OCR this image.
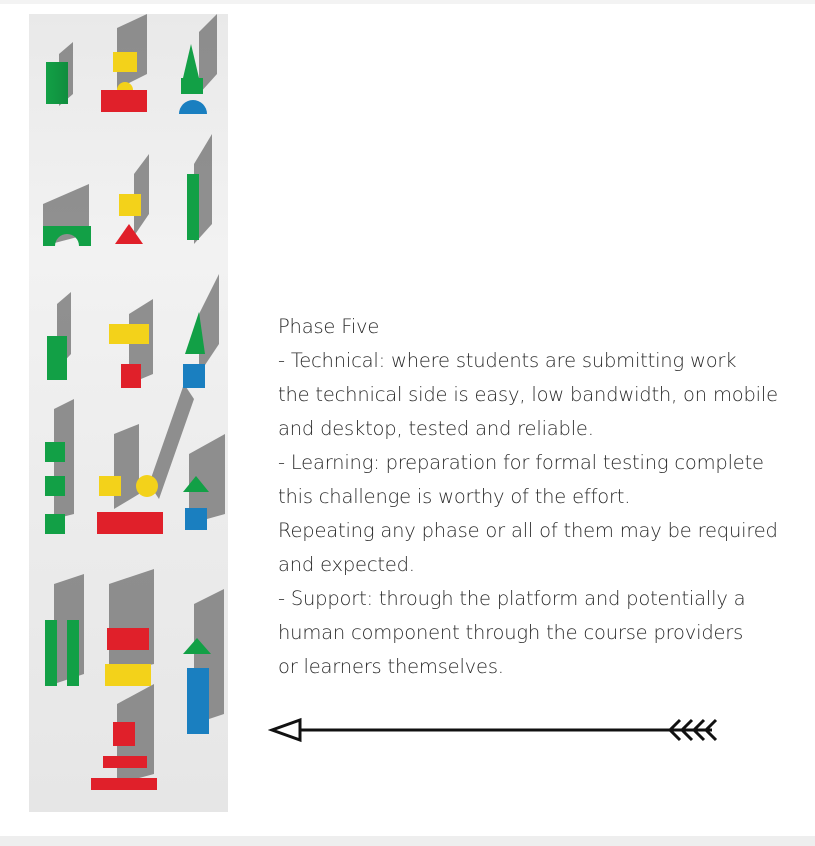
Phase Five
- Technical: where students are submitting work
the technical side is easy, low bandwidth, on mobile
and desktop, tested and reliable.
- Learning: preparation for formal testing complete
this challenge is worthy of the effort.
Repeating any phase or all of them may be required
and expected.
- Support: through the platform and potentially a
human component through the course providers
or learners themselves.
